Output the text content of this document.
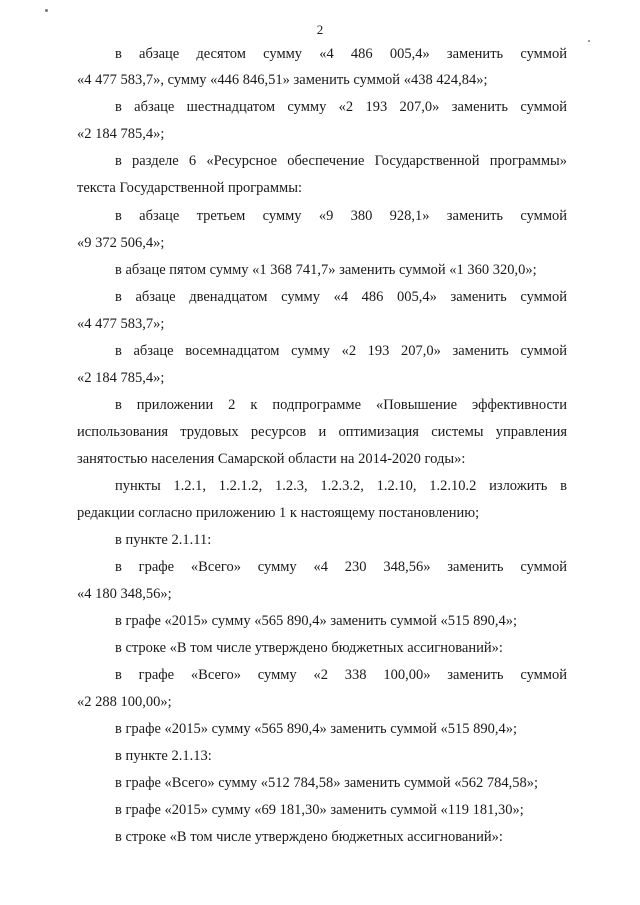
2
в абзаце десятом сумму «4 486 005,4» заменить суммой
«4 477 583,7», сумму «446 846,51» заменить суммой «438 424,84»;
в абзаце шестнадцатом сумму «2 193 207,0» заменить суммой
«2 184 785,4»;
в разделе 6 «Ресурсное обеспечение Государственной программы»
текста Государственной программы:
в абзаце третьем сумму «9 380 928,1» заменить суммой
«9 372 506,4»;
в абзаце пятом сумму «1 368 741,7» заменить суммой «1 360 320,0»;
в абзаце двенадцатом сумму «4 486 005,4» заменить суммой
«4 477 583,7»;
в абзаце восемнадцатом сумму «2 193 207,0» заменить суммой
«2 184 785,4»;
в приложении 2 к подпрограмме «Повышение эффективности
использования трудовых ресурсов и оптимизация системы управления
занятостью населения Самарской области на 2014-2020 годы»:
пункты 1.2.1, 1.2.1.2, 1.2.3, 1.2.3.2, 1.2.10, 1.2.10.2 изложить в
редакции согласно приложению 1 к настоящему постановлению;
в пункте 2.1.11:
в графе «Всего» сумму «4 230 348,56» заменить суммой
«4 180 348,56»;
в графе «2015» сумму «565 890,4» заменить суммой «515 890,4»;
в строке «В том числе утверждено бюджетных ассигнований»:
в графе «Всего» сумму «2 338 100,00» заменить суммой
«2 288 100,00»;
в графе «2015» сумму «565 890,4» заменить суммой «515 890,4»;
в пункте 2.1.13:
в графе «Всего» сумму «512 784,58» заменить суммой «562 784,58»;
в графе «2015» сумму «69 181,30» заменить суммой «119 181,30»;
в строке «В том числе утверждено бюджетных ассигнований»:
